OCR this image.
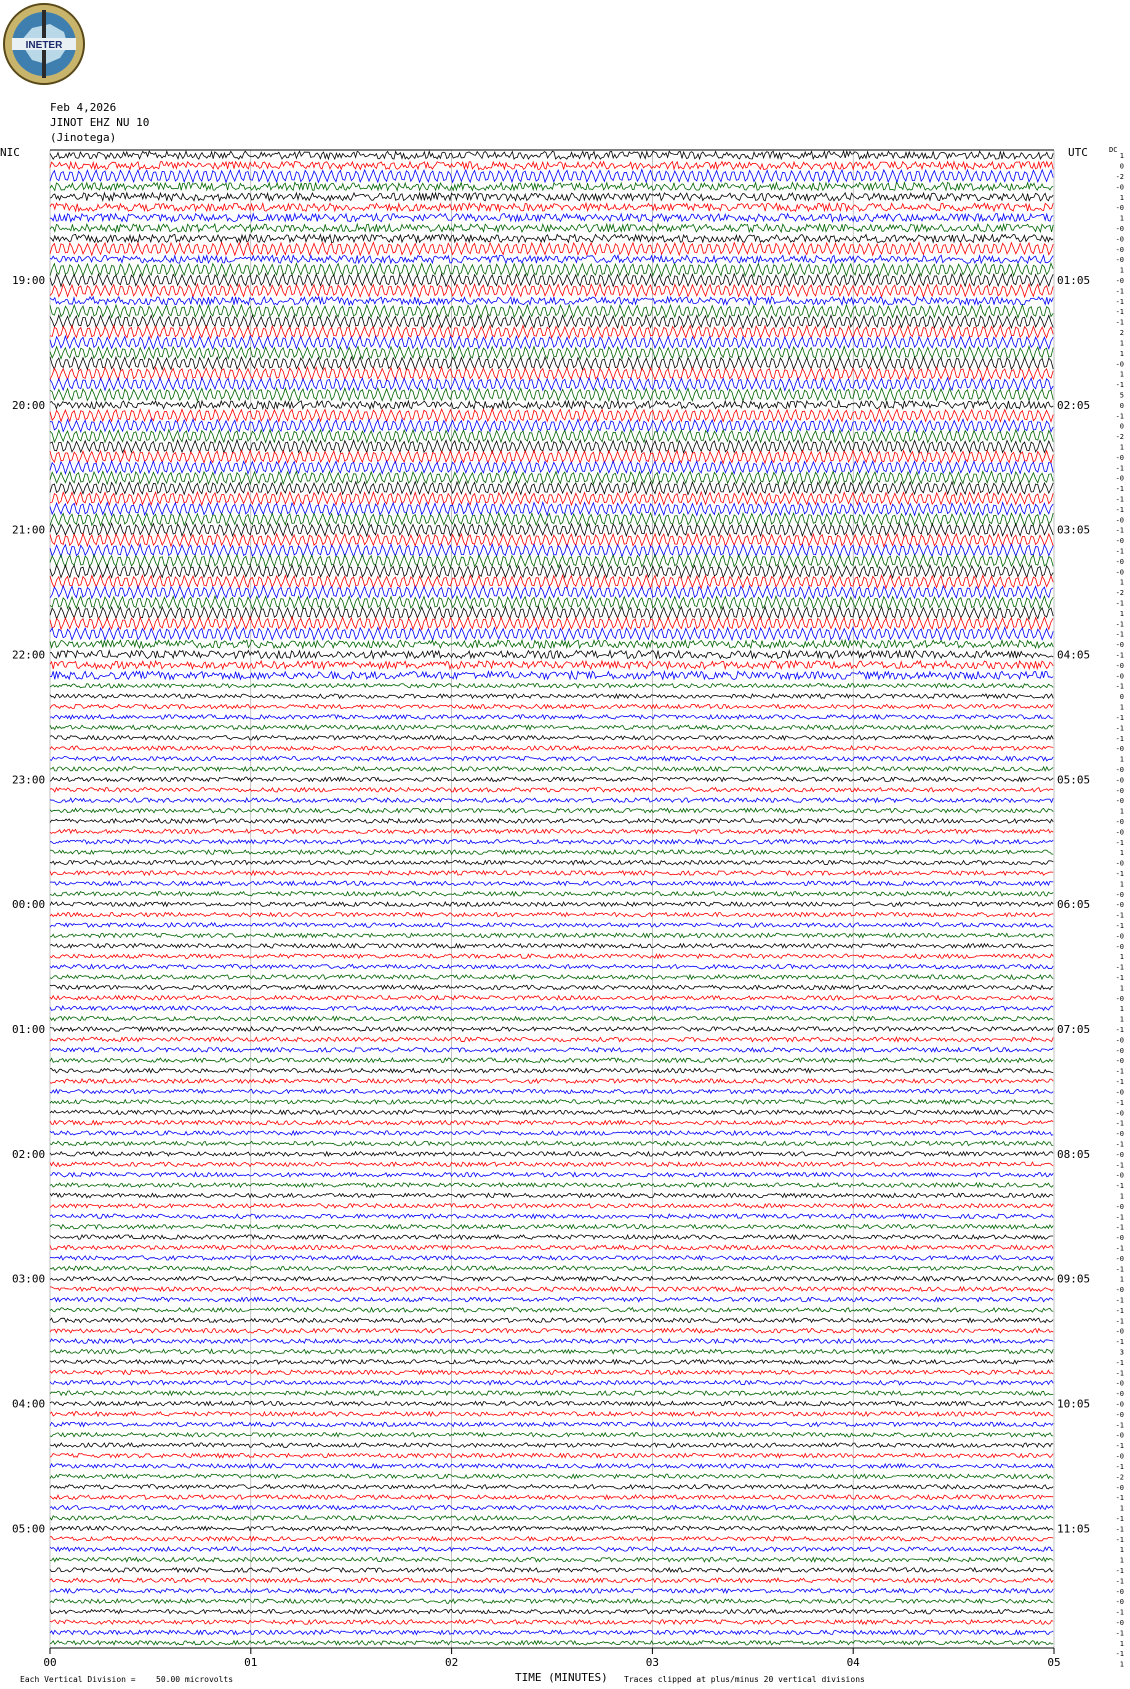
INETER
Feb 4,2026
JINOT EHZ NU 10
(Jinotega)
19:00
20:00
21:00
22:00
23:00
00:00
01:00
02:00
03:00
04:00
05:00
01:05
02:05
03:05
04:05
05:05
06:05
07:05
08:05
09:05
10:05
11:05
1
0
-2
-0
1
-0
1
-0
-0
-0
-0
1
-0
-1
-1
-1
-1
2
1
1
-0
1
-1
5
0
-1
0
-2
1
-0
-1
-0
-1
-1
-1
-0
-1
-0
-1
-0
-0
1
-2
-1
1
-1
-1
-0
-1
-0
-0
-1
0
1
-1
-1
-1
-0
1
-0
-0
-0
-0
1
-0
-0
-1
1
-0
-1
1
-0
-0
-1
-1
-0
-0
1
-1
-1
1
-0
1
1
-1
-0
-0
-0
-1
-1
-0
-1
-0
-1
-0
-1
-0
-1
-0
-1
1
-0
-1
-1
-0
-1
-0
-1
1
-0
-1
-1
-1
-0
-1
3
-1
-1
-0
-0
-0
-0
-1
-0
-1
-0
-1
-2
-0
-1
1
-1
-1
-1
1
1
-1
-1
-0
-0
-1
-0
-1
1
-1
1
00	01	02	03	04	05
NIC	UTC	DC
TIME (MINUTES)
Each Vertical Division =	50.00 microvolts	Traces clipped at plus/minus 20 vertical divisions
